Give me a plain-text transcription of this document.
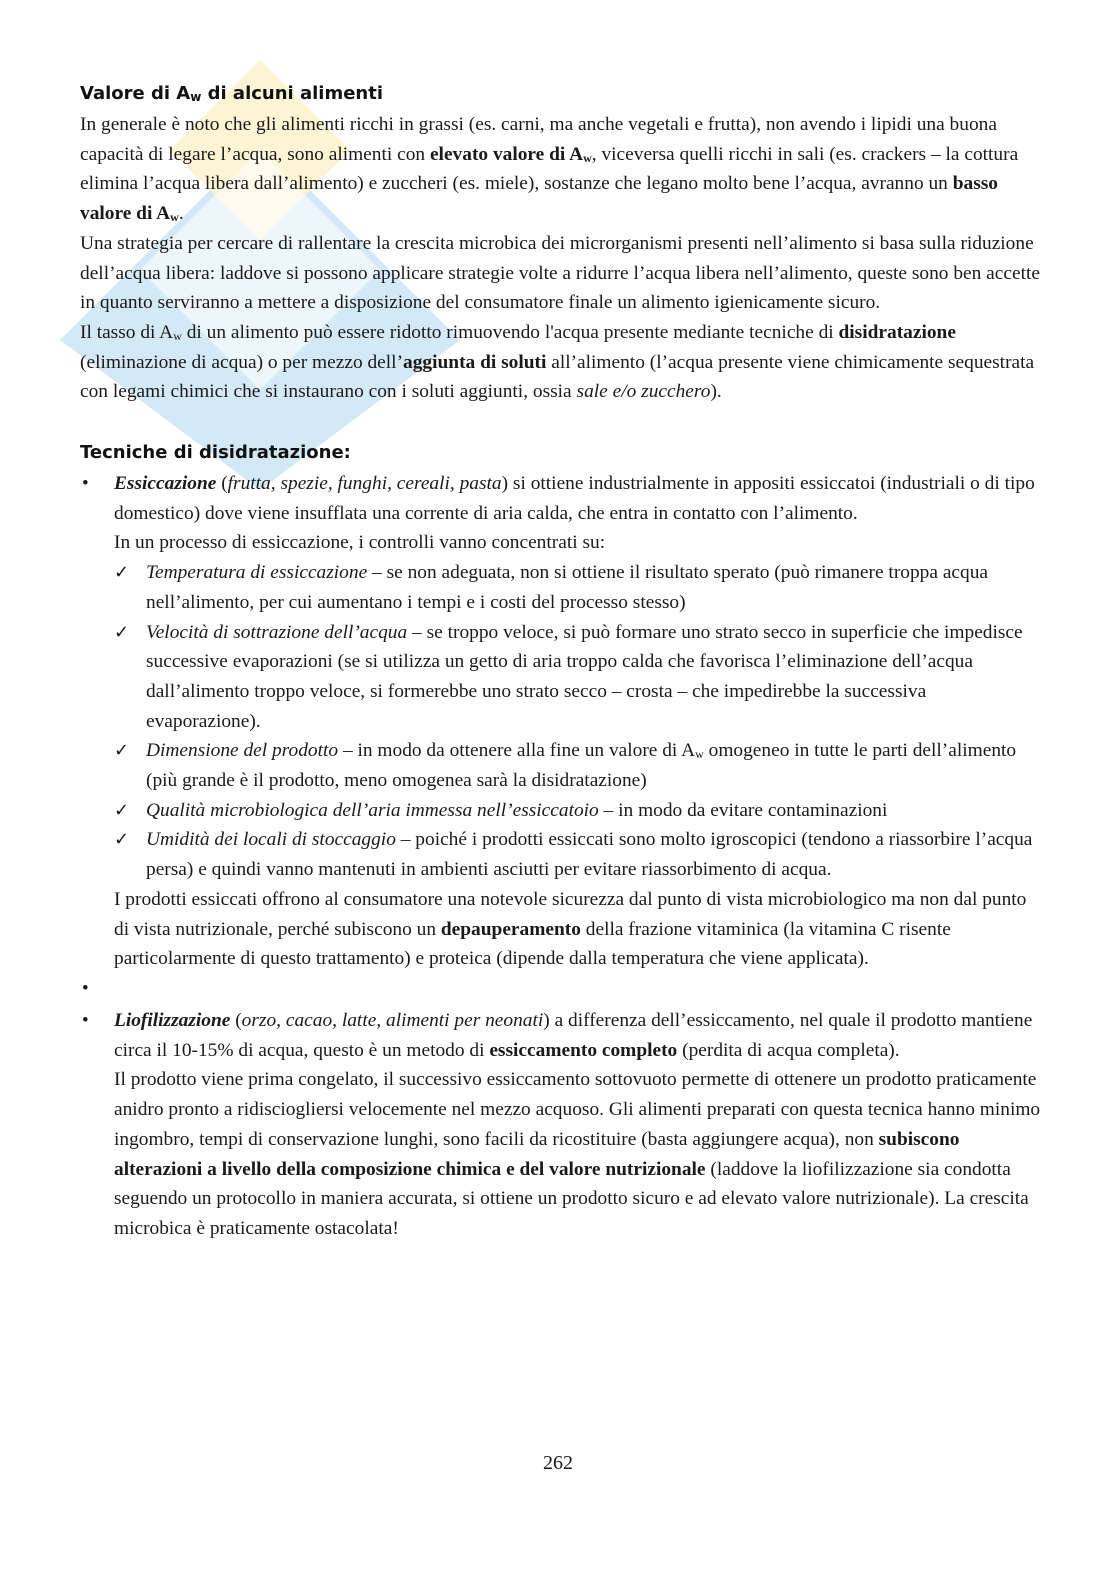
Valore di $A_w$ di alcuni alimenti

In generale è noto che gli alimenti ricchi in grassi (es. carni, ma anche vegetali e frutta), non avendo i lipidi una buona capacità di legare l’acqua, sono alimenti con elevato valore di $A_w$, viceversa quelli ricchi in sali (es. crackers – la cottura elimina l’acqua libera dall’alimento) e zuccheri (es. miele), sostanze che legano molto bene l’acqua, avranno un basso valore di $A_w$.

Una strategia per cercare di rallentare la crescita microbica dei microrganismi presenti nell’alimento si basa sulla riduzione dell’acqua libera: laddove si possono applicare strategie volte a ridurre l’acqua libera nell’alimento, queste sono ben accette in quanto serviranno a mettere a disposizione del consumatore finale un alimento igienicamente sicuro.

Il tasso di $A_w$ di un alimento può essere ridotto rimuovendo l'acqua presente mediante tecniche di disidratazione (eliminazione di acqua) o per mezzo dell’aggiunta di soluti all’alimento (l’acqua presente viene chimicamente sequestrata con legami chimici che si instaurano con i soluti aggiunti, ossia sale e/o zucchero).

Tecniche di disidratazione:

• Essiccazione (frutta, spezie, funghi, cereali, pasta) si ottiene industrialmente in appositi essiccatoi (industriali o di tipo domestico) dove viene insufflata una corrente di aria calda, che entra in contatto con l’alimento.

In un processo di essiccazione, i controlli vanno concentrati su:

✓ Temperatura di essiccazione – se non adeguata, non si ottiene il risultato sperato (può rimanere troppa acqua nell’alimento, per cui aumentano i tempi e i costi del processo stesso)
✓ Velocità di sottrazione dell’acqua – se troppo veloce, si può formare uno strato secco in superficie che impedisce successive evaporazioni (se si utilizza un getto di aria troppo calda che favorisca l’eliminazione dell’acqua dall’alimento troppo veloce, si formerebbe uno strato secco – crosta – che impedirebbe la successiva evaporazione).
✓ Dimensione del prodotto – in modo da ottenere alla fine un valore di $A_w$ omogeneo in tutte le parti dell’alimento (più grande è il prodotto, meno omogenea sarà la disidratazione)
✓ Qualità microbiologica dell’aria immessa nell’essiccatoio – in modo da evitare contaminazioni
✓ Umidità dei locali di stoccaggio – poiché i prodotti essiccati sono molto igroscopici (tendono a riassorbire l’acqua persa) e quindi vanno mantenuti in ambienti asciutti per evitare riassorbimento di acqua.

I prodotti essiccati offrono al consumatore una notevole sicurezza dal punto di vista microbiologico ma non dal punto di vista nutrizionale, perché subiscono un depauperamento della frazione vitaminica (la vitamina C risente particolarmente di questo trattamento) e proteica (dipende dalla temperatura che viene applicata).

•

• Liofilizzazione (orzo, cacao, latte, alimenti per neonati) a differenza dell’essiccamento, nel quale il prodotto mantiene circa il 10-15% di acqua, questo è un metodo di essiccamento completo (perdita di acqua completa).

Il prodotto viene prima congelato, il successivo essiccamento sottovuoto permette di ottenere un prodotto praticamente anidro pronto a ridisciogliersi velocemente nel mezzo acquoso. Gli alimenti preparati con questa tecnica hanno minimo ingombro, tempi di conservazione lunghi, sono facili da ricostituire (basta aggiungere acqua), non subiscono alterazioni a livello della composizione chimica e del valore nutrizionale (laddove la liofilizzazione sia condotta seguendo un protocollo in maniera accurata, si ottiene un prodotto sicuro e ad elevato valore nutrizionale). La crescita microbica è praticamente ostacolata!

262
